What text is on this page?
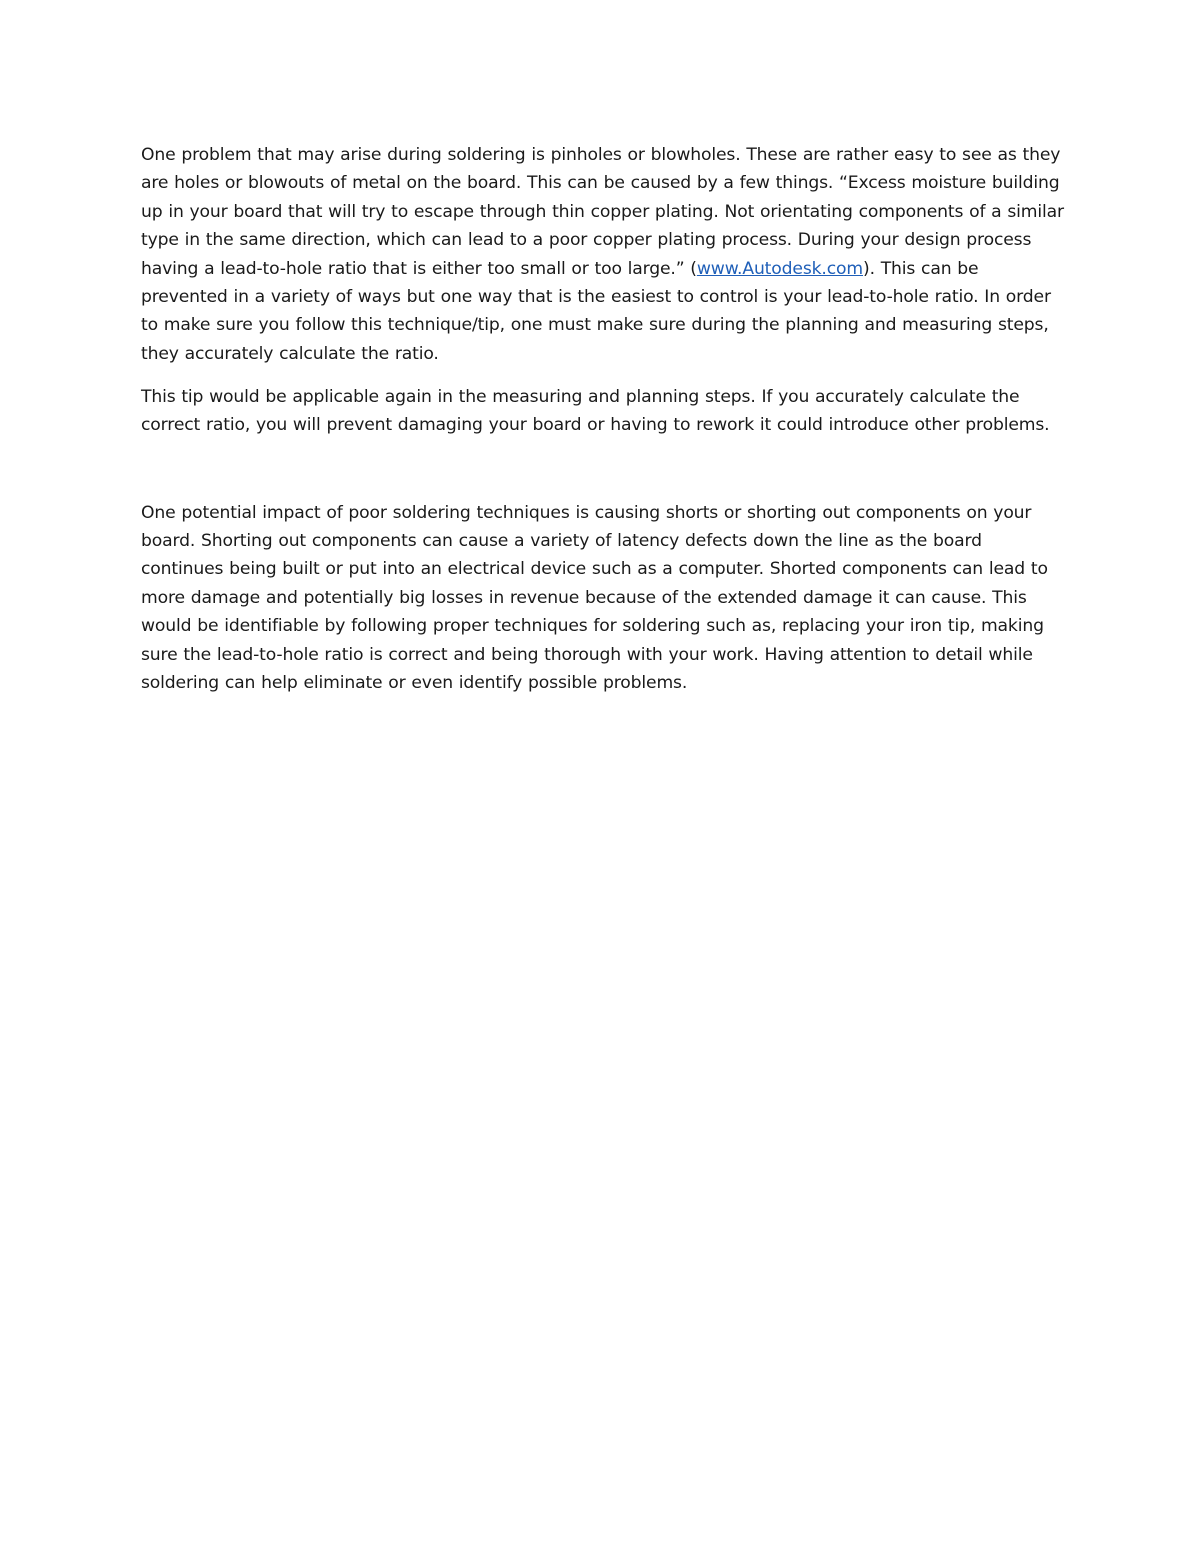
One problem that may arise during soldering is pinholes or blowholes. These are rather easy to see as they are holes or blowouts of metal on the board. This can be caused by a few things. “Excess moisture building up in your board that will try to escape through thin copper plating. Not orientating components of a similar type in the same direction, which can lead to a poor copper plating process. During your design process having a lead-to-hole ratio that is either too small or too large.” (www.Autodesk.com). This can be prevented in a variety of ways but one way that is the easiest to control is your lead-to-hole ratio. In order to make sure you follow this technique/tip, one must make sure during the planning and measuring steps, they accurately calculate the ratio.

This tip would be applicable again in the measuring and planning steps. If you accurately calculate the correct ratio, you will prevent damaging your board or having to rework it could introduce other problems.

One potential impact of poor soldering techniques is causing shorts or shorting out components on your board. Shorting out components can cause a variety of latency defects down the line as the board continues being built or put into an electrical device such as a computer. Shorted components can lead to more damage and potentially big losses in revenue because of the extended damage it can cause. This would be identifiable by following proper techniques for soldering such as, replacing your iron tip, making sure the lead-to-hole ratio is correct and being thorough with your work. Having attention to detail while soldering can help eliminate or even identify possible problems.
